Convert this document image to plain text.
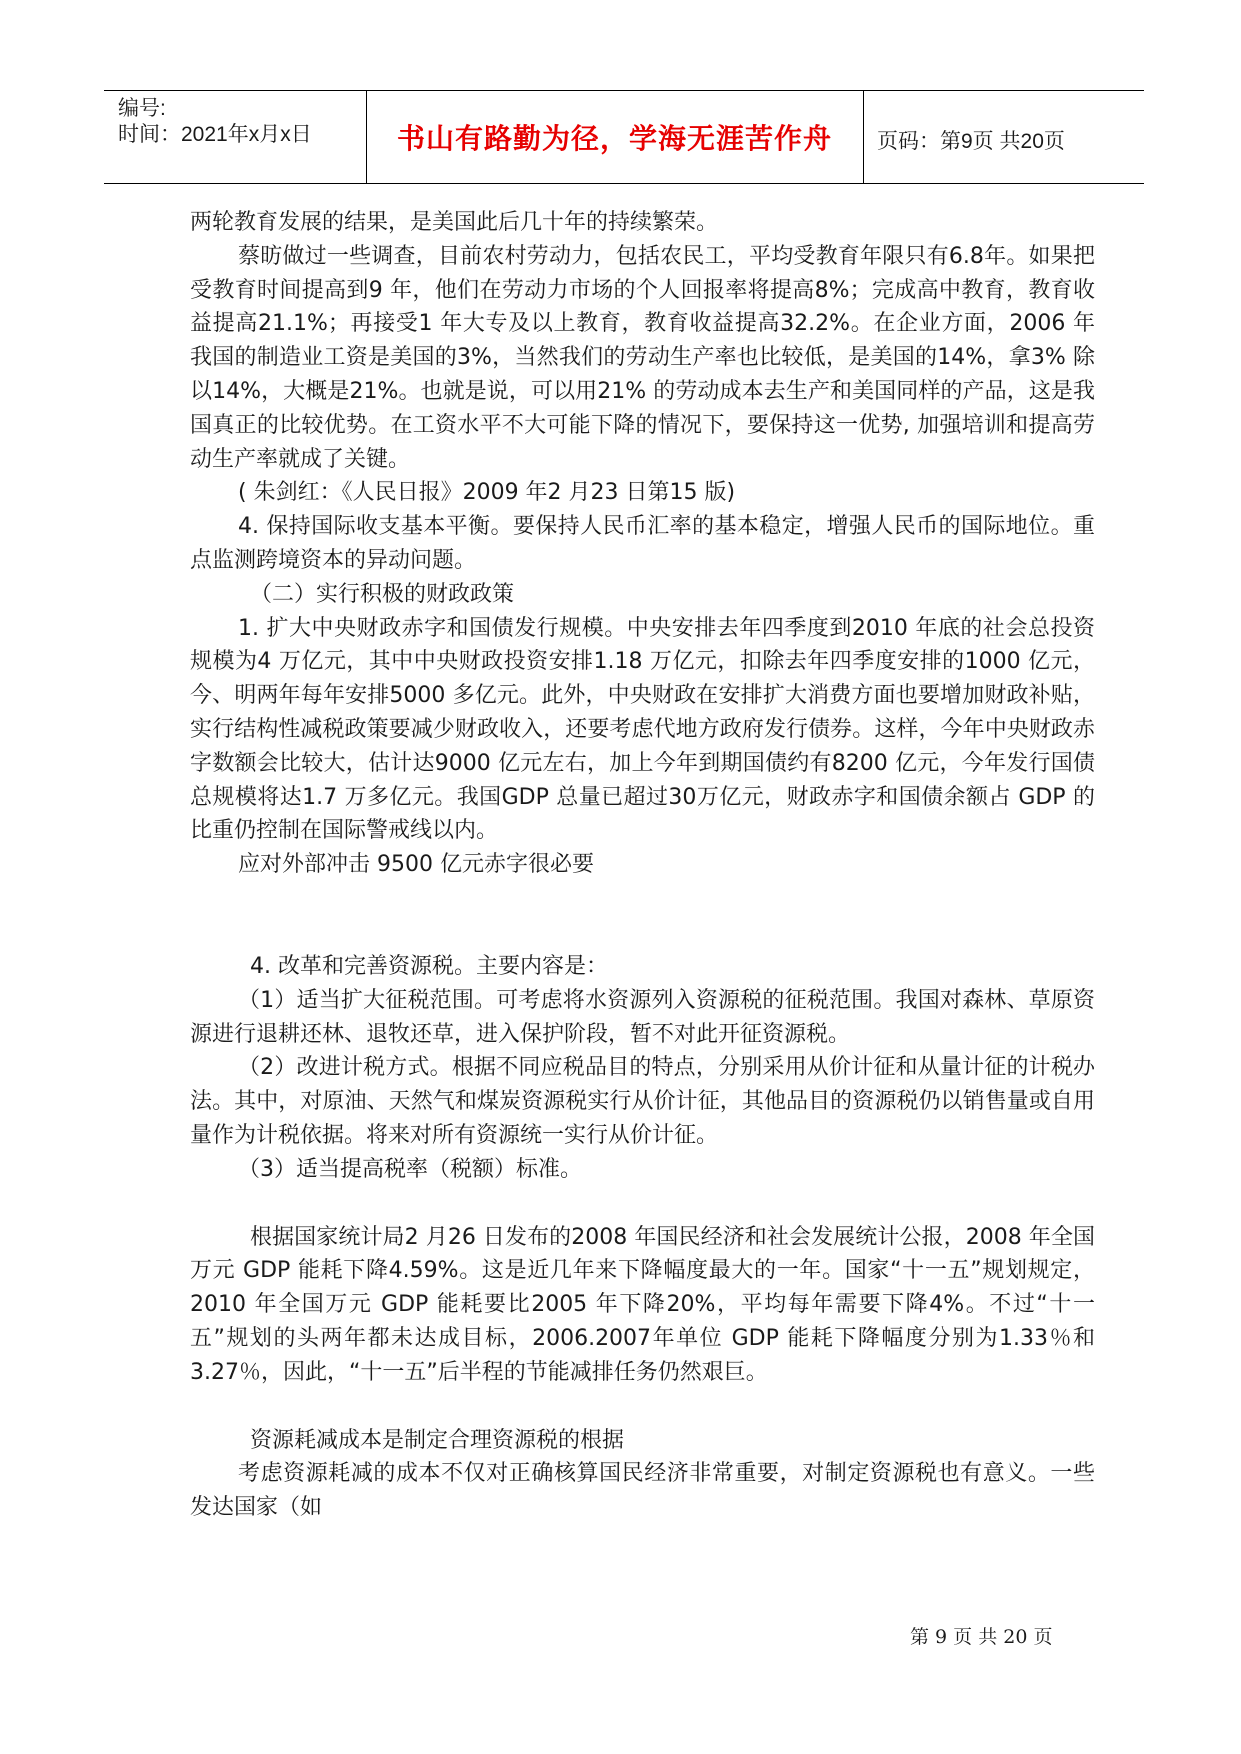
编号:
时间：2021年x月x日	书山有路勤为径，学海无涯苦作舟	页码：第9页 共20页

两轮教育发展的结果，是美国此后几十年的持续繁荣。

蔡昉做过一些调查，目前农村劳动力，包括农民工，平均受教育年限只有6.8年。如果把受教育时间提高到9 年，他们在劳动力市场的个人回报率将提高8%；完成高中教育，教育收益提高21.1%；再接受1 年大专及以上教育，教育收益提高32.2%。在企业方面，2006 年我国的制造业工资是美国的3%，当然我们的劳动生产率也比较低，是美国的14%，拿3% 除以14%，大概是21%。也就是说，可以用21% 的劳动成本去生产和美国同样的产品，这是我国真正的比较优势。在工资水平不大可能下降的情况下，要保持这一优势, 加强培训和提高劳动生产率就成了关键。

( 朱剑红：《人民日报》2009 年2 月23 日第15 版)

4. 保持国际收支基本平衡。要保持人民币汇率的基本稳定，增强人民币的国际地位。重点监测跨境资本的异动问题。

（二）实行积极的财政政策

1. 扩大中央财政赤字和国债发行规模。中央安排去年四季度到2010 年底的社会总投资规模为4 万亿元，其中中央财政投资安排1.18 万亿元，扣除去年四季度安排的1000 亿元，今、明两年每年安排5000 多亿元。此外，中央财政在安排扩大消费方面也要增加财政补贴，实行结构性减税政策要减少财政收入，还要考虑代地方政府发行债券。这样，今年中央财政赤字数额会比较大，估计达9000 亿元左右，加上今年到期国债约有8200 亿元，今年发行国债总规模将达1.7 万多亿元。我国GDP 总量已超过30万亿元，财政赤字和国债余额占 GDP 的比重仍控制在国际警戒线以内。

应对外部冲击 9500 亿元赤字很必要

4. 改革和完善资源税。主要内容是：

（1）适当扩大征税范围。可考虑将水资源列入资源税的征税范围。我国对森林、草原资源进行退耕还林、退牧还草，进入保护阶段，暂不对此开征资源税。

（2）改进计税方式。根据不同应税品目的特点，分别采用从价计征和从量计征的计税办法。其中，对原油、天然气和煤炭资源税实行从价计征，其他品目的资源税仍以销售量或自用量作为计税依据。将来对所有资源统一实行从价计征。

（3）适当提高税率（税额）标准。

根据国家统计局2 月26 日发布的2008 年国民经济和社会发展统计公报，2008 年全国万元 GDP 能耗下降4.59%。这是近几年来下降幅度最大的一年。国家“十一五”规划规定，2010 年全国万元 GDP 能耗要比2005 年下降20%，平均每年需要下降4%。不过“十一五”规划的头两年都未达成目标，2006.2007年单位 GDP 能耗下降幅度分别为1.33％和3.27％，因此，“十一五”后半程的节能减排任务仍然艰巨。

资源耗减成本是制定合理资源税的根据

考虑资源耗减的成本不仅对正确核算国民经济非常重要，对制定资源税也有意义。一些发达国家（如

第 9 页 共 20 页
